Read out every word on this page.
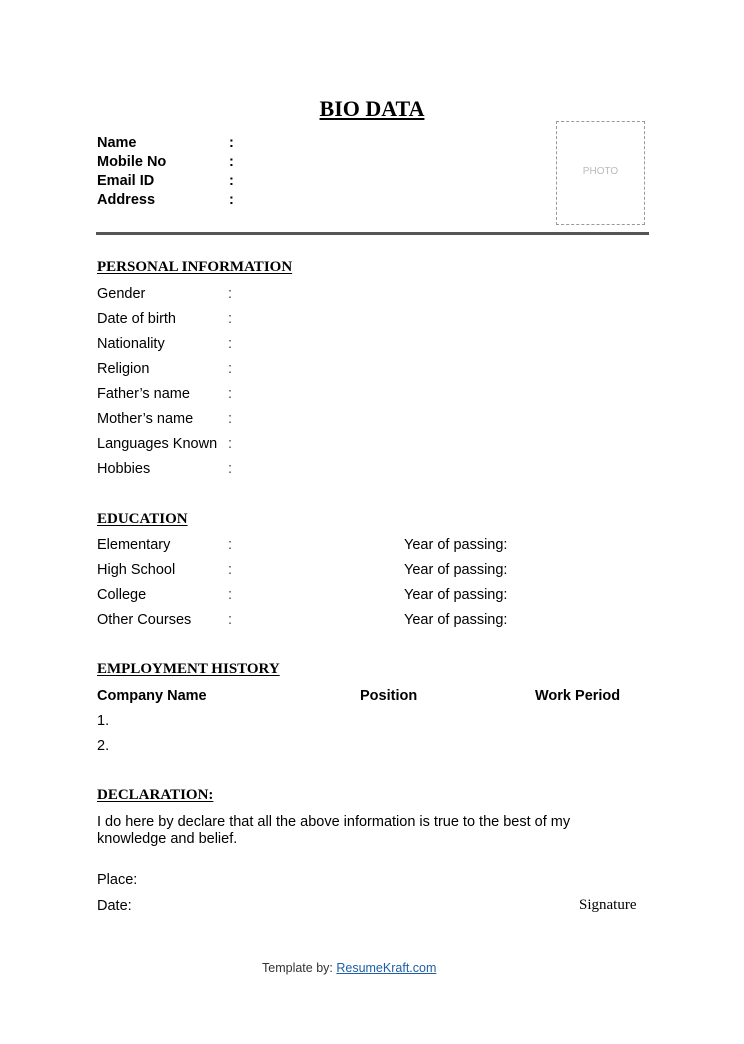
BIO DATA
Name	:
Mobile No	:
Email ID	:
Address	:
PHOTO
PERSONAL INFORMATION
Gender	:
Date of birth	:
Nationality	:
Religion	:
Father’s name	:
Mother’s name :
Languages Known :
Hobbies	:
EDUCATION
Elementary	:	Year of passing:
High School	:	Year of passing:
College	:	Year of passing:
Other Courses	:	Year of passing:
EMPLOYMENT HISTORY
Company Name	Position	Work Period
1.
2.
DECLARATION:
I do here by declare that all the above information is true to the best of my
knowledge and belief.
Place:
Date:	Signature
Template by: ResumeKraft.com
